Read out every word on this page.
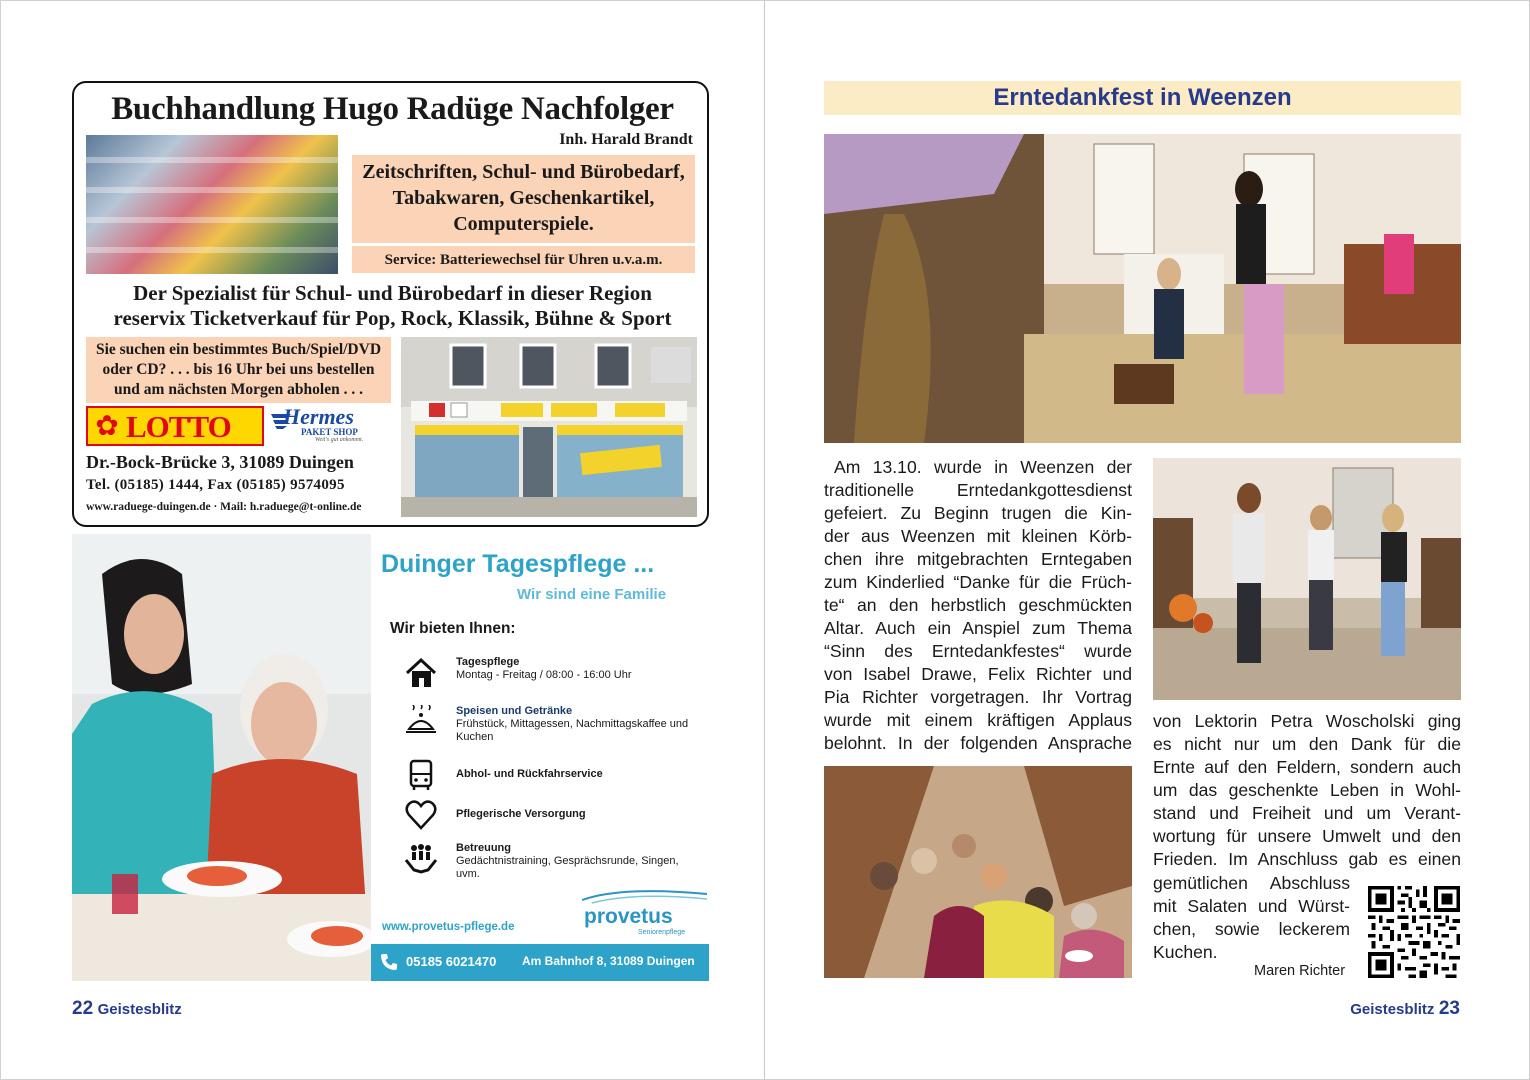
Buchhandlung Hugo Radüge Nachfolger
Inh. Harald Brandt
Zeitschriften, Schul- und Bürobedarf,
Tabakwaren, Geschenkartikel,
Computerspiele.
Service: Batteriewechsel für Uhren u.v.a.m.
Der Spezialist für Schul- und Bürobedarf in dieser Region
reservix Ticketverkauf für Pop, Rock, Klassik, Bühne & Sport
Sie suchen ein bestimmtes Buch/Spiel/DVD
oder CD? . . . bis 16 Uhr bei uns bestellen
und am nächsten Morgen abholen . . .
✿ LOTTO Hermes
PAKET SHOP
Weit's gut ankommt.
Dr.-Bock-Brücke 3, 31089 Duingen
Tel. (05185) 1444, Fax (05185) 9574095
www.raduege-duingen.de · Mail: h.raduege@t-online.de
Duinger Tagespflege ...
Wir sind eine Familie
Wir bieten Ihnen:
Tagespflege
Montag - Freitag / 08:00 - 16:00 Uhr
Speisen und Getränke
Frühstück, Mittagessen, Nachmittagskaffee und Kuchen
Abhol- und Rückfahrservice
Pflegerische Versorgung
Betreuung
Gedächtnistraining, Gesprächsrunde, Singen, uvm.
www.provetus-pflege.de	provetus
Seniorenpflege
05185 6021470 Am Bahnhof 8, 31089 Duingen
22 Geistesblitz
Erntedankfest in Weenzen

Am 13.10. wurde in Weenzen der

traditionelle Erntedankgottesdienst

gefeiert. Zu Beginn trugen die Kin-

der aus Weenzen mit kleinen Körb-

chen ihre mitgebrachten Erntegaben

zum Kinderlied “Danke für die Früch-

te“ an den herbstlich geschmückten

Altar. Auch ein Anspiel zum Thema

“Sinn des Erntedankfestes“ wurde

von Isabel Drawe, Felix Richter und

Pia Richter vorgetragen. Ihr Vortrag

wurde mit einem kräftigen Applaus

belohnt. In der folgenden Ansprache

von Lektorin Petra Woscholski ging

es nicht nur um den Dank für die

Ernte auf den Feldern, sondern auch

um das geschenkte Leben in Wohl-

stand und Freiheit und um Verant-

wortung für unsere Umwelt und den

Frieden. Im Anschluss gab es einen

gemütlichen Abschluss

mit Salaten und Würst-

chen, sowie leckerem

Kuchen.

Maren Richter
Geistesblitz 23
